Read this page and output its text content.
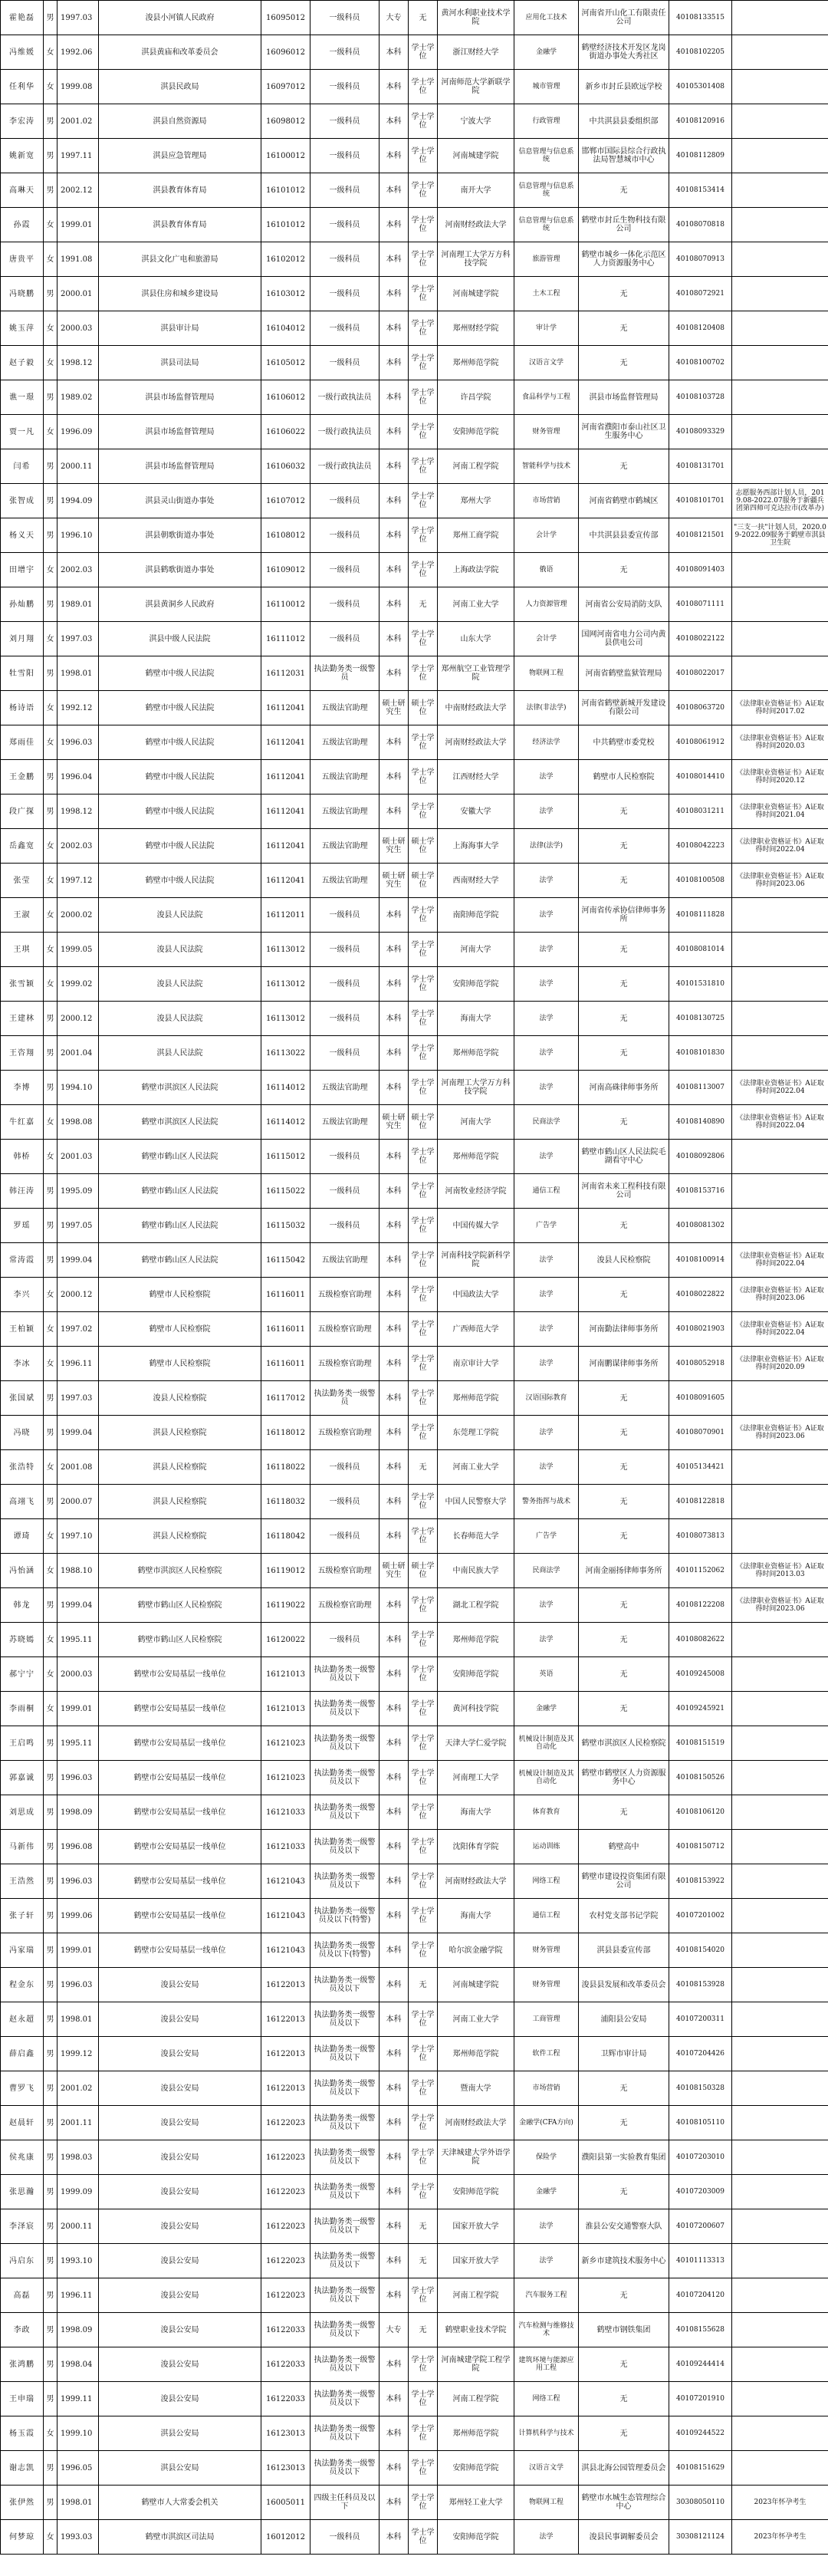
霍艳磊	男	1997.03	浚县小河镇人民政府	16095012	一级科员	大专	无	黄河水利职业技术学院	应用化工技术	河南省开山化工有限责任公司	40108133515	
冯维媛	女	1992.06	淇县黄庙和改革委员会	16096012	一级科员	本科	学士学位	浙江财经大学	金融学	鹤壁经济技术开发区龙岗街道办事处大秀社区	40108102205	
任利华	女	1999.08	淇县民政局	16097012	一级科员	本科	学士学位	河南师范大学新联学院	城市管理	新乡市封丘县欧远学校	40105301408	
李宏涛	男	2001.02	淇县自然资源局	16098012	一级科员	本科	学士学位	宁波大学	行政管理	中共淇县县委组织部	40108120916	
姚新宽	男	1997.11	淇县应急管理局	16100012	一级科员	本科	学士学位	河南城建学院	信息管理与信息系统	邯郸市国际县综合行政执法局智慧城市中心	40108112809	
高琳天	男	2002.12	淇县教育体育局	16101012	一级科员	本科	学士学位	南开大学	信息管理与信息系统	无	40108153414	
孙霞	女	1999.01	淇县教育体育局	16101012	一级科员	本科	学士学位	河南财经政法大学	信息管理与信息系统	鹤壁市封丘生物科技有限公司	40108070818	
唐贵平	女	1991.08	淇县文化广电和旅游局	16102012	一级科员	本科	学士学位	河南理工大学万方科技学院	旅游管理	鹤壁市城乡一体化示范区人力资源服务中心	40108070913	
冯晓鹏	男	2000.01	淇县住房和城乡建设局	16103012	一级科员	本科	学士学位	河南城建学院	土木工程	无	40108072921	
姚玉萍	女	2000.03	淇县审计局	16104012	一级科员	本科	学士学位	郑州财经学院	审计学	无	40108120408	
赵子毅	女	1998.12	淇县司法局	16105012	一级科员	本科	学士学位	郑州师范学院	汉语言文学	无	40108100702	
谯一璟	男	1989.02	淇县市场监督管理局	16106012	一级行政执法员	本科	学士学位	许昌学院	食品科学与工程	淇县市场监督管理局	40108103728	
贾一凡	女	1996.09	淇县市场监督管理局	16106022	一级行政执法员	本科	学士学位	安阳师范学院	财务管理	河南省濮阳市泰山社区卫生服务中心	40108093329	
闫希	男	2000.11	淇县市场监督管理局	16106032	一级行政执法员	本科	学士学位	河南工程学院	智能科学与技术	无	40108131701	
张智成	男	1994.09	淇县灵山街道办事处	16107012	一级科员	本科	学士学位	郑州大学	市场营销	河南省鹤壁市鹤城区	40108101701	志愿服务西部计划人员，2019.08-2022.07服务于新疆兵团第四师可克达拉市(改革办)
杨义天	男	1996.10	淇县朝歌街道办事处	16108012	一级科员	本科	学士学位	郑州工商学院	会计学	中共淇县县委宣传部	40108121501	"三支一扶"计划人员，2020.09-2022.09服务于鹤壁市淇县卫生院
田增宇	女	2002.03	淇县鹤歌街道办事处	16109012	一级科员	本科	学士学位	上海政法学院	俄语	无	40108091403	
孙灿鹏	男	1989.01	淇县黄洞乡人民政府	16110012	一级科员	本科	无	河南工业大学	人力资源管理	河南省公安局消防支队	40108071111	
刘月翔	女	1997.03	淇县中级人民法院	16111012	一级科员	本科	学士学位	山东大学	会计学	国网河南省电力公司内黄县供电公司	40108022122	
牡雪阳	男	1998.01	鹤壁市中级人民法院	16112031	执法勤务类一级警员	本科	学士学位	郑州航空工业管理学院	物联网工程	河南省鹤壁监狱管理局	40108022017	
杨诗语	女	1992.12	鹤壁市中级人民法院	16112041	五级法官助理	硕士研究生	硕士学位	中南财经政法大学	法律(非法学)	河南省鹤壁新城开发建设有限公司	40108063720	《法律职业资格证书》A证取得时间2017.02
郑雨佳	女	1996.03	鹤壁市中级人民法院	16112041	五级法官助理	本科	学士学位	河南财经政法大学	经济法学	中共鹤壁市委党校	40108061912	《法律职业资格证书》A证取得时间2020.03
王金鹏	男	1996.04	鹤壁市中级人民法院	16112041	五级法官助理	本科	学士学位	江西财经大学	法学	鹤壁市人民检察院	40108014410	《法律职业资格证书》A证取得时间2020.12
段广探	男	1998.12	鹤壁市中级人民法院	16112041	五级法官助理	本科	学士学位	安徽大学	法学	无	40108031211	《法律职业资格证书》A证取得时间2021.04
岳鑫宽	女	2002.03	鹤壁市中级人民法院	16112041	五级法官助理	硕士研究生	硕士学位	上海海事大学	法律(法学)	无	40108042223	《法律职业资格证书》A证取得时间2022.04
张莹	女	1997.12	鹤壁市中级人民法院	16112041	五级法官助理	硕士研究生	硕士学位	西南财经大学	法学	无	40108100508	《法律职业资格证书》A证取得时间2023.06
王淑	女	2000.02	浚县人民法院	16112011	一级科员	本科	学士学位	南阳师范学院	法学	河南省传承协信律师事务所	40108111828	
王琪	女	1999.05	浚县人民法院	16113012	一级科员	本科	学士学位	河南大学	法学	无	40108081014	
张雪颖	女	1999.02	浚县人民法院	16113012	一级科员	本科	学士学位	安阳师范学院	法学	无	40101531810	
王建林	男	2000.12	浚县人民法院	16113012	一级科员	本科	学士学位	海南大学	法学	无	40108130725	
王咨翔	男	2001.04	淇县人民法院	16113022	一级科员	本科	学士学位	郑州师范学院	法学	无	40108101830	
李博	男	1994.10	鹤壁市淇滨区人民法院	16114012	五级法官助理	本科	学士学位	河南理工大学万方科技学院	法学	河南高硃律师事务所	40108113007	《法律职业资格证书》A证取得时间2022.04
牛红嘉	女	1998.08	鹤壁市淇滨区人民法院	16114012	五级法官助理	硕士研究生	硕士学位	河南大学	民商法学	无	40108140890	《法律职业资格证书》A证取得时间2022.04
韩桥	女	2001.03	鹤壁市鹤山区人民法院	16115012	一级科员	本科	学士学位	郑州师范学院	法学	鹤壁市鹤山区人民法院毛湖看守中心	40108092806	
韩汪涛	男	1995.09	鹤壁市鹤山区人民法院	16115022	一级科员	本科	学士学位	河南牧业经济学院	通信工程	河南省未来工程科技有限公司	40108153716	
罗瑶	男	1997.05	鹤壁市鹤山区人民法院	16115032	一级科员	本科	学士学位	中国传媒大学	广告学	无	40108081302	
常涛霞	男	1999.04	鹤壁市鹤山区人民法院	16115042	五级法官助理	本科	学士学位	河南科技学院新科学院	法学	浚县人民检察院	40108100914	《法律职业资格证书》A证取得时间2022.04
李兴	女	2000.12	鹤壁市人民检察院	16116011	五级检察官助理	本科	学士学位	中国政法大学	法学	无	40108022822	《法律职业资格证书》A证取得时间2023.06
王柏颖	女	1997.02	鹤壁市人民检察院	16116011	五级检察官助理	本科	学士学位	广西师范大学	法学	河南勤法律师事务所	40108021903	《法律职业资格证书》A证取得时间2022.04
李冰	女	1996.11	鹤壁市人民检察院	16116011	五级检察官助理	本科	学士学位	南京审计大学	法学	河南鹏谋律师事务所	40108052918	《法律职业资格证书》A证取得时间2020.09
张国斌	男	1997.03	浚县人民检察院	16117012	执法勤务类一级警员	本科	学士学位	郑州师范学院	汉语国际教育	无	40108091605	
冯晓	男	1999.04	淇县人民检察院	16118012	五级检察官助理	本科	学士学位	东莞理工学院	法学	无	40108070901	《法律职业资格证书》A证取得时间2023.06
张浩特	女	2001.08	淇县人民检察院	16118022	一级科员	本科	无	河南工业大学	法学	无	40105134421	
高翊飞	男	2000.07	淇县人民检察院	16118032	一级科员	本科	学士学位	中国人民警察大学	警务指挥与战术	无	40108122818	
谭琦	女	1997.10	淇县人民检察院	16118042	一级科员	本科	学士学位	长春师范大学	广告学	无	40108073813	
冯怡涵	女	1988.10	鹤壁市淇滨区人民检察院	16119012	五级检察官助理	硕士研究生	硕士学位	中南民族大学	民商法学	河南金丽扬律师事务所	40101152062	《法律职业资格证书》A证取得时间2013.03
韩龙	男	1999.04	鹤壁市鹤山区人民检察院	16119022	五级检察官助理	本科	学士学位	湖北工程学院	法学	无	40108122208	《法律职业资格证书》A证取得时间2023.06
苏晓嫣	女	1995.11	鹤壁市鹤山区人民检察院	16120022	一级科员	本科	学士学位	郑州师范学院	法学	无	40108082622	
郝宁宁	女	2000.03	鹤壁市公安局基层一线单位	16121013	执法勤务类一级警员及以下	本科	学士学位	安阳师范学院	英语	无	40109245008	
李雨桐	女	1999.01	鹤壁市公安局基层一线单位	16121013	执法勤务类一级警员及以下	本科	学士学位	黄河科技学院	金融学	无	40109245921	
王启鸣	男	1995.11	鹤壁市公安局基层一线单位	16121023	执法勤务类一级警员及以下	本科	学士学位	天津大学仁爱学院	机械设计制造及其自动化	鹤壁市淇滨区人民检察院	40108151519	
郭嘉诚	男	1996.03	鹤壁市公安局基层一线单位	16121023	执法勤务类一级警员及以下	本科	学士学位	河南理工大学	机械设计制造及其自动化	鹤壁市鹤壁区人力资源服务中心	40108150526	
刘思成	男	1998.09	鹤壁市公安局基层一线单位	16121033	执法勤务类一级警员及以下	本科	学士学位	海南大学	体育教育	无	40108106120	
马新伟	男	1996.08	鹤壁市公安局基层一线单位	16121033	执法勤务类一级警员及以下	本科	学士学位	沈阳体育学院	运动训练	鹤壁高中	40108150712	
王浩然	男	1996.03	鹤壁市公安局基层一线单位	16121043	执法勤务类一级警员及以下	本科	学士学位	河南财经政法大学	网络工程	鹤壁市建设投资集团有限公司	40108153922	
张子轩	男	1999.06	鹤壁市公安局基层一线单位	16121043	执法勤务类一级警员及以下(特警)	本科	学士学位	海南大学	通信工程	农村党支部书记学院	40107201002	
冯家瑞	男	1999.01	鹤壁市公安局基层一线单位	16121043	执法勤务类一级警员及以下(特警)	本科	学士学位	哈尔滨金融学院	财务管理	淇县县委宣传部	40108154020	
程金东	男	1996.03	浚县公安局	16122013	执法勤务类一级警员及以下	本科	无	河南城建学院	财务管理	浚县县发展和改革委员会	40108153928	
赵永超	男	1998.01	浚县公安局	16122013	执法勤务类一级警员及以下	本科	学士学位	河南工业大学	工商管理	浦阳县公安局	40107200311	
薛启鑫	男	1999.12	浚县公安局	16122013	执法勤务类一级警员及以下	本科	学士学位	郑州师范学院	软件工程	卫辉市审计局	40107204426	
曹罗飞	男	2001.02	浚县公安局	16122013	执法勤务类一级警员及以下	本科	学士学位	暨南大学	市场营销	无	40108150328	
赵晨轩	男	2001.11	浚县公安局	16122023	执法勤务类一级警员及以下	本科	学士学位	河南财经政法大学	金融学(CFA方向)	无	40108105110	
侯兆康	男	1998.03	浚县公安局	16122023	执法勤务类一级警员及以下	本科	学士学位	天津城建大学外语学院	保险学	濮阳县第一实验教育集团	40107203010	
张思瀚	男	1999.09	浚县公安局	16122023	执法勤务类一级警员及以下	本科	学士学位	安阳师范学院	金融学	无	40107203009	
李泽宸	男	2000.11	浚县公安局	16122023	执法勤务类一级警员及以下	本科	无	国家开放大学	法学	淮县公安交通警察大队	40107200607	
冯启东	男	1993.10	浚县公安局	16122023	执法勤务类一级警员及以下	本科	无	国家开放大学	法学	新乡市建筑技术服务中心	40101113313	
高磊	男	1996.11	浚县公安局	16122023	执法勤务类一级警员及以下	本科	学士学位	河南工程学院	汽车服务工程	无	40107204120	
李政	男	1998.09	浚县公安局	16122033	执法勤务类一级警员及以下	大专	无	鹤壁职业技术学院	汽车检测与维修技术	鹤壁市钢铁集团	40108155628	
张鸿鹏	男	1998.04	浚县公安局	16122033	执法勤务类一级警员及以下	本科	学士学位	河南城建学院工程学院	建筑环境与能源应用工程	无	40109244414	
王申瑞	男	1999.11	浚县公安局	16122033	执法勤务类一级警员及以下	本科	学士学位	河南工程学院	网络工程	无	40107201910	
杨玉霞	女	1999.10	淇县公安局	16123013	执法勤务类一级警员及以下	本科	学士学位	郑州师范学院	计算机科学与技术	无	40109244522	
谢志凯	男	1996.05	淇县公安局	16123013	执法勤务类一级警员及以下	本科	学士学位	安阳师范学院	汉语言文学	淇县北海公园管理委员会	40108151629	
张伊然	男	1998.01	鹤壁市人大常委会机关	16005011	四级主任科员及以下	本科	学士学位	郑州轻工业大学	物联网工程	鹤壁市水城生态管理综合中心	30308050110	2023年怀孕考生
何梦琼	女	1993.03	鹤壁市淇滨区司法局	16012012	一级科员	本科	学士学位	安阳师范学院	法学	浚县民事调解委员会	30308121124	2023年怀孕考生
